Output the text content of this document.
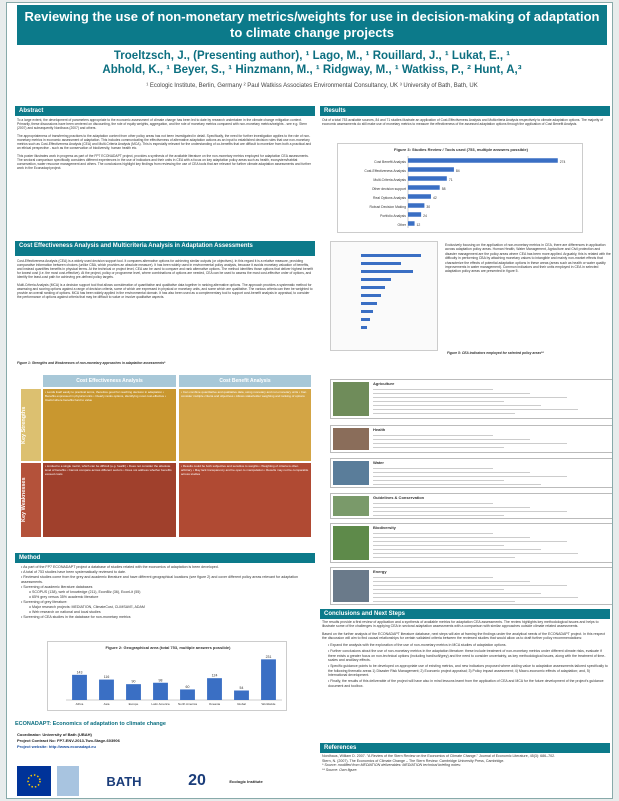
Reviewing the use of non-monetary metrics/weights for use in decision-making of adaptation to climate change projects
Troeltzsch, J., (Presenting author), ¹ Lago, M., ¹ Rouillard, J., ¹ Lukat, E., ¹
Abhold, K., ¹ Beyer, S., ¹ Hinzmann, M., ¹ Ridgway, M., ¹ Watkiss, P., ² Hunt, A,³
¹ Ecologic Institute, Berlin, Germany ² Paul Watkiss Associates Environmental Consultancy, UK ³ University of Bath, Bath, UK
Abstract

To a large extent, the development of parameters appropriate to the economic assessment of climate change has been led to date by research undertaken in the climate change mitigation context. Primarily, these discussions have been centered on discounting, the role of equity weights, aggregation, and the role of monetary metrics compared with non-monetary metrics/weights - see e.g. Stern (2007) and subsequently Nordhaus (2007) and others.

The appropriateness of transferring practices to the adaptation context from other policy areas has not been investigated in detail. Specifically, the need for further investigation applies to the role of non-monetary metrics in economic assessment of adaptation. This includes communicating the effectiveness of alternative adaptation actions as an input to established decision rules that use non-monetary metrics such as Cost-Effectiveness Analysis (CEA) and Multi-Criteria Analysis (MCA). This is especially relevant for the understanding of co-benefits that are difficult to monetize from both a practical and an ethical perspective - such as the conservation of biodiversity, human health etc.

This poster illustrates work in progress as part of the FP7 ECONADAPT project, provides a synthesis of the available literature on the non-monetary metrics employed for adaptation CEA assessments. The sectoral comparison specifically considers different experiences in the use of indicators and their units in CEA with a focus on key adaptation policy areas such as health, ecosystem/habitat conservation, water resource management and others. The conclusions highlight key findings from reviewing the use of CEA tools that are relevant for further climate adaptation assessments and further work in the Econadapt project.

Cost Effectiveness Analysis and Multicriteria Analysis in Adaptation Assessments

Cost-Effectiveness Analysis (CEA) is a widely used decision support tool. It compares alternative options for achieving similar outputs (or objectives). In this regard it is a relative measure, providing comparative information between choices (unlike CBA, which provides an absolute measure). It has been widely used in environmental policy analysis, because it avoids monetary valuation of benefits, and instead quantifies benefits in physical terms. At the technical or project level, CEA can be used to compare and rank alternative options. The method identifies those options that deliver highest benefit for lowest cost (i.e. the most cost-effective). At the project, policy or programme level, where combinations of options are needed, CEA can be used to assess the most cost-effective order of options, and identify the least-cost path for achieving pre-defined policy targets.

Multi-Criteria Analysis (MCA) is a decision support tool that allows consideration of quantitative and qualitative data together in ranking alternative options. The approach provides a systematic method for assessing and scoring options against a range of decision criteria, some of which are expressed in physical or monetary units, and some which are qualitative. The various criteria can then be weighted to provide an overall ranking of options. MCA has been widely applied in the environmental domain. It has also been used as a complementary tool to support cost-benefit analysis in appraisal, to consider the performance of options against criteria that may be difficult to value or involve qualitative aspects.

Figure 1: Strengths and Weaknesses of non-monetary approaches in adaptation assessments*
Cost Effectiveness Analysis	Cost Benefit Analysis
Key Strengths
Key Weaknesses
• Lends itself easily to practical terms, therefore good for reaching decision in adaptation • Benefits expressed in physical units • Clearly ranks options, identifying most cost-effective • Useful where benefits hard to value
• Can combine quantitative and qualitative data, using monetary and non-monetary units • Can consider multiple criteria and objectives • Allows stakeholder weighting and ranking of options
• Limited to a single metric, which can be difficult (e.g. health) • Does not consider the absolute level of benefits • Cannot compare across different sectors • Does not address whether benefits exceed costs
• Results could be both subjective and sensitive to weights • Weighting of criteria is often arbitrary • May lack transparency and be open to manipulation • Results may not be comparable across studies
Method
• As part of the FP7 ECONADAPT project a database of studies related with the economics of adaptation is been developed.
• A total of 753 studies have been systematically reviewed to date.
• Reviewed studies come from the grey and academic literature and have different geographical locations (see figure 2) and cover different policy areas relevant for adaptation assessments.
• Screening of academic literature databases
o SCOPUS (138), web of knowledge (211), EconBiz (36), EconLit (55)
o 65% grey versus 35% academic literature
• Screening of grey literature:
o Major research projects: MEDIATION, ClimateCost, CLIMSAVE, ADAM
o Web research on national and local studies
• Screening of CEA studies in the database for non-monetary metrics
Figure 2: Geographical area (total 753, multiple answers possible)
143
Africa
116
Asia
90
Europe
98
Latin America
60
North America
124
Oceania
54
Global
231
Worldwide
ECONADAPT: Economics of adaptation to climate change
Coordinator: University of Bath (UBAH)
Project Contract No: FP7-ENV-2013-Two-Stage-603906
Project website: http://www.econadapt.eu
BATH	20	Ecologic Institute
Results
Out of a total 753 available sources, 84 and 71 studies illustrate an application of Cost-Effectiveness Analysis and Multicriteria Analysis respectively to climate adaptation options. The majority of economic assessments do still make use of monetary metrics to measure the effectiveness of the assessed adaptation options through the application of Cost Benefit Analysis.
Figure 3: Studies Review / Tools used (753, multiple answers possible)
Cost Benefit Analysis	274
Cost-Effectiveness Analysis	84
Multi-Criteria Analysis	71
Other decision support	58
Real Options Analysis	42
Robust Decision Making	30
Portfolio Analysis	24
Other	12
Exclusively focusing on the application of non-monetary metrics in CEA, there are differences in application across adaptation policy areas. Human Health, Water Management, Agriculture and Civil protection and disaster management are the policy areas where CEA has been more applied. Arguably, this is related with the difficulty in performing CBA by attaching monetary values to intangible and mainly non-market effects that characterize the effects of potential adaptation options in these areas (areas such as health or water quality improvements in water management). Common indicators and their units employed in CEA in selected adaptation policy areas are presented in figure 5.
Figure 5: CEA indicators employed for selected policy areas**
Agriculture
Health
Water
Guidelines & Conservation
Biodiversity
Energy
Conclusions and Next Steps

The results provide a first review of application and a synthesis of available metrics for adaptation CEA assessments. The review highlights key methodological issues and helps to illustrate some of the challenges in applying CEA in sectoral adaptation assessments with a comparison with similar approaches outside climate related assessments.

Based on the further analysis of the ECONADAPT literature database, next steps will aim at framing the findings under the analytical needs of the ECONADAPT project. In this respect the discussion will aim to find causal relationships for certain validated criteria between the reviewed studies that would allow us to draft further policy recommendations:

• Expand the analysis with the exploration of the use of non-monetary metrics in MCA studies of adaptation options.
• Further conclusions about the use of non-monetary metrics in the adaptation literature: these include treatment of non-monetary metrics under different climate risks, evaluate if there exists a greater focus on non-technical options (including hard/soft/grey) and the need to consider uncertainty, as key methodological issues, along with the treatment of time-scales and ancillary effects.
• Specific guidance points to be developed on appropriate use of existing metrics, and new indicators proposed where adding value to adaptation assessments tailored specifically to the following thematic areas 1) Disaster Risk Management; 2) Economic project appraisal; 3) Policy impact assessment; 4) Macro-economic effects of adaptation; and, 5) International development.
• Finally, the results of this deliverable of the project will have also in mind lessons learnt from the application of CEA and MCA for the future development of the project's guidance document and toolbox.
References
Nordhaus, William D. 2007. "A Review of the Stern Review on the Economics of Climate Change." Journal of Economic Literature, 45(3): 686–702.
Stern, N. (2007). The Economics of Climate Change – The Stern Review. Cambridge University Press, Cambridge.
* Source: modified from MEDIATION deliverables: MEDIATION technical briefing notes:
** Source: Own figure.
